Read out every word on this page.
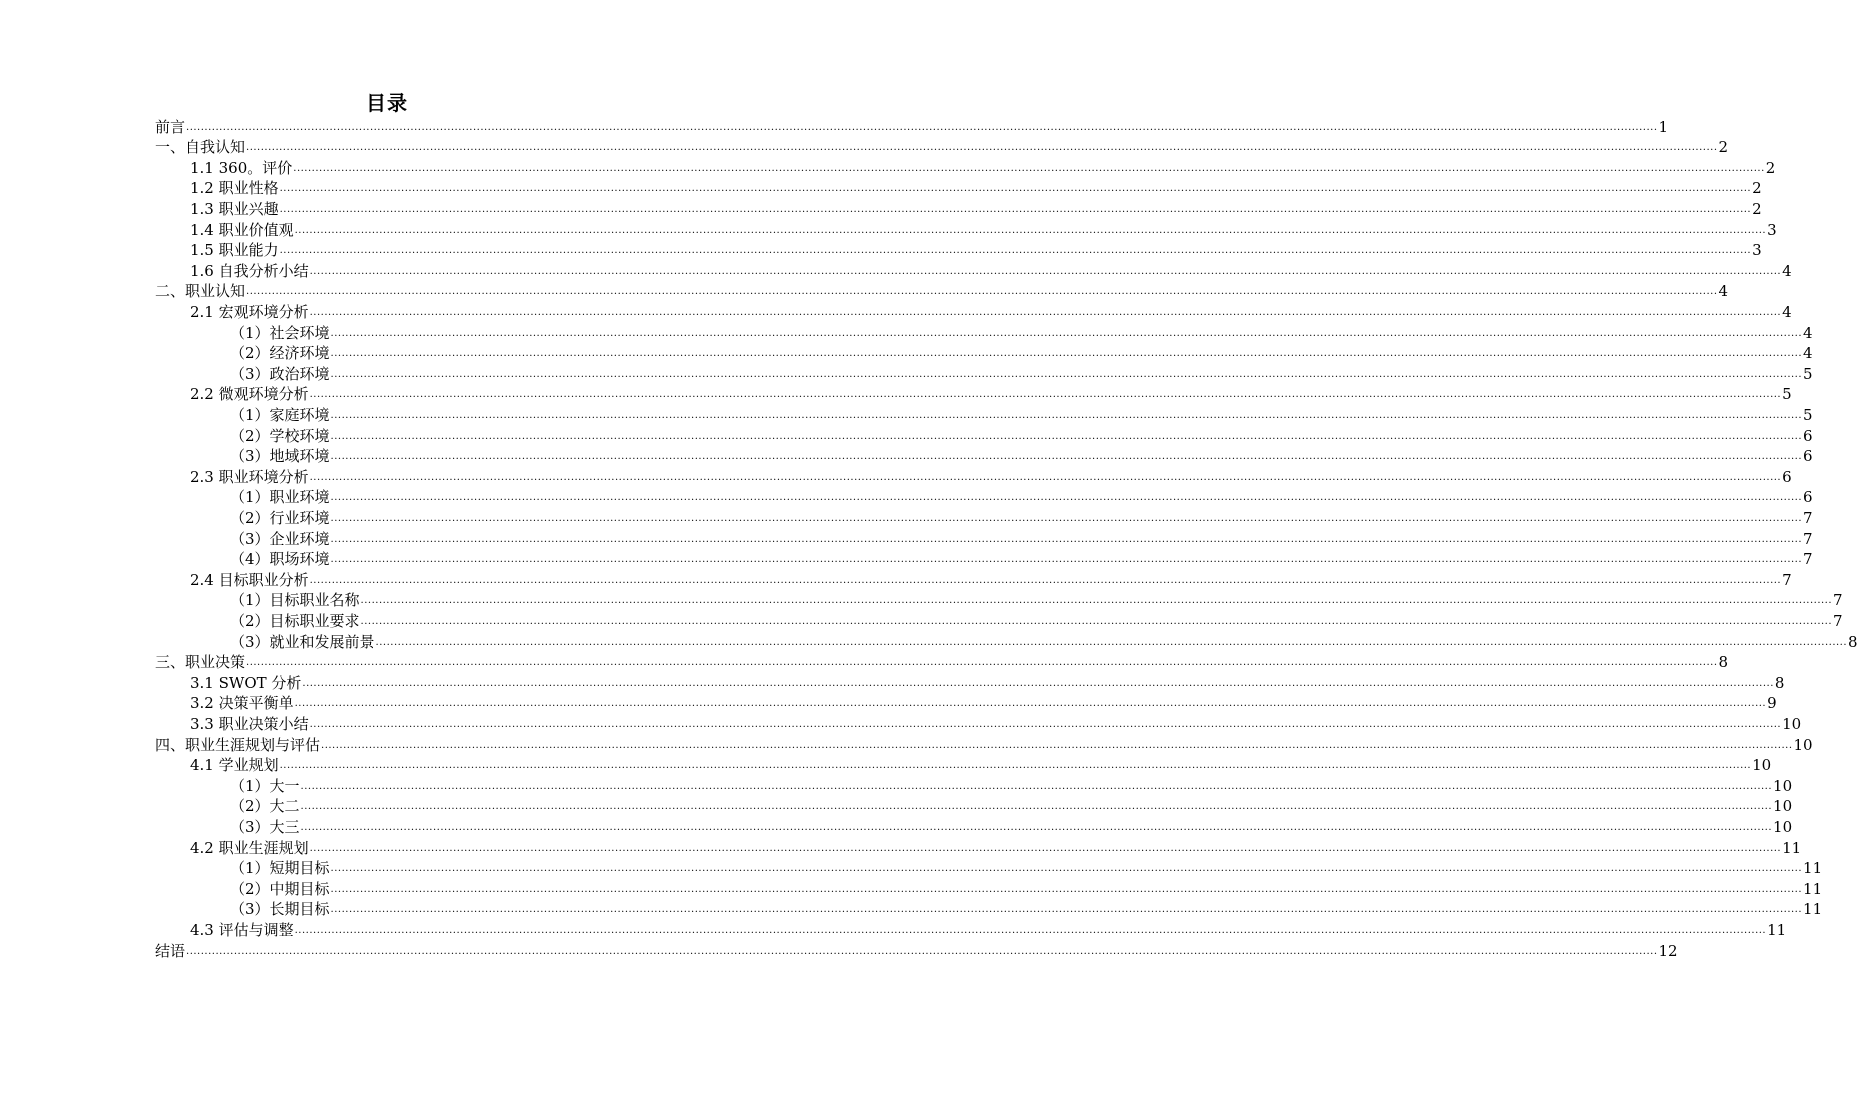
目录
前言 ................................................................................................................................................................................................................................................................................................................................................................................................................ 1
一、自我认知 ................................................................................................................................................................................................................................................................................................................................................................................................................ 2
1.1 360。评价 ................................................................................................................................................................................................................................................................................................................................................................................................................ 2
1.2 职业性格 ................................................................................................................................................................................................................................................................................................................................................................................................................ 2
1.3 职业兴趣 ................................................................................................................................................................................................................................................................................................................................................................................................................ 2
1.4 职业价值观 ................................................................................................................................................................................................................................................................................................................................................................................................................ 3
1.5 职业能力 ................................................................................................................................................................................................................................................................................................................................................................................................................ 3
1.6 自我分析小结 ................................................................................................................................................................................................................................................................................................................................................................................................................ 4
二、职业认知 ................................................................................................................................................................................................................................................................................................................................................................................................................ 4
2.1 宏观环境分析 ................................................................................................................................................................................................................................................................................................................................................................................................................ 4
（1）社会环境 ................................................................................................................................................................................................................................................................................................................................................................................................................ 4
（2）经济环境 ................................................................................................................................................................................................................................................................................................................................................................................................................ 4
（3）政治环境 ................................................................................................................................................................................................................................................................................................................................................................................................................ 5
2.2 微观环境分析 ................................................................................................................................................................................................................................................................................................................................................................................................................ 5
（1）家庭环境 ................................................................................................................................................................................................................................................................................................................................................................................................................ 5
（2）学校环境 ................................................................................................................................................................................................................................................................................................................................................................................................................ 6
（3）地域环境 ................................................................................................................................................................................................................................................................................................................................................................................................................ 6
2.3 职业环境分析 ................................................................................................................................................................................................................................................................................................................................................................................................................ 6
（1）职业环境 ................................................................................................................................................................................................................................................................................................................................................................................................................ 6
（2）行业环境 ................................................................................................................................................................................................................................................................................................................................................................................................................ 7
（3）企业环境 ................................................................................................................................................................................................................................................................................................................................................................................................................ 7
（4）职场环境 ................................................................................................................................................................................................................................................................................................................................................................................................................ 7
2.4 目标职业分析 ................................................................................................................................................................................................................................................................................................................................................................................................................ 7
（1）目标职业名称 ................................................................................................................................................................................................................................................................................................................................................................................................................ 7
（2）目标职业要求 ................................................................................................................................................................................................................................................................................................................................................................................................................ 7
（3）就业和发展前景 ................................................................................................................................................................................................................................................................................................................................................................................................................ 8
三、职业决策 ................................................................................................................................................................................................................................................................................................................................................................................................................ 8
3.1 SWOT 分析 ................................................................................................................................................................................................................................................................................................................................................................................................................ 8
3.2 决策平衡单 ................................................................................................................................................................................................................................................................................................................................................................................................................ 9
3.3 职业决策小结 ................................................................................................................................................................................................................................................................................................................................................................................................................ 10
四、职业生涯规划与评估 ................................................................................................................................................................................................................................................................................................................................................................................................................ 10
4.1 学业规划 ................................................................................................................................................................................................................................................................................................................................................................................................................ 10
（1）大一 ................................................................................................................................................................................................................................................................................................................................................................................................................ 10
（2）大二 ................................................................................................................................................................................................................................................................................................................................................................................................................ 10
（3）大三 ................................................................................................................................................................................................................................................................................................................................................................................................................ 10
4.2 职业生涯规划 ................................................................................................................................................................................................................................................................................................................................................................................................................ 11
（1）短期目标 ................................................................................................................................................................................................................................................................................................................................................................................................................ 11
（2）中期目标 ................................................................................................................................................................................................................................................................................................................................................................................................................ 11
（3）长期目标 ................................................................................................................................................................................................................................................................................................................................................................................................................ 11
4.3 评估与调整 ................................................................................................................................................................................................................................................................................................................................................................................................................ 11
结语 ................................................................................................................................................................................................................................................................................................................................................................................................................ 12
